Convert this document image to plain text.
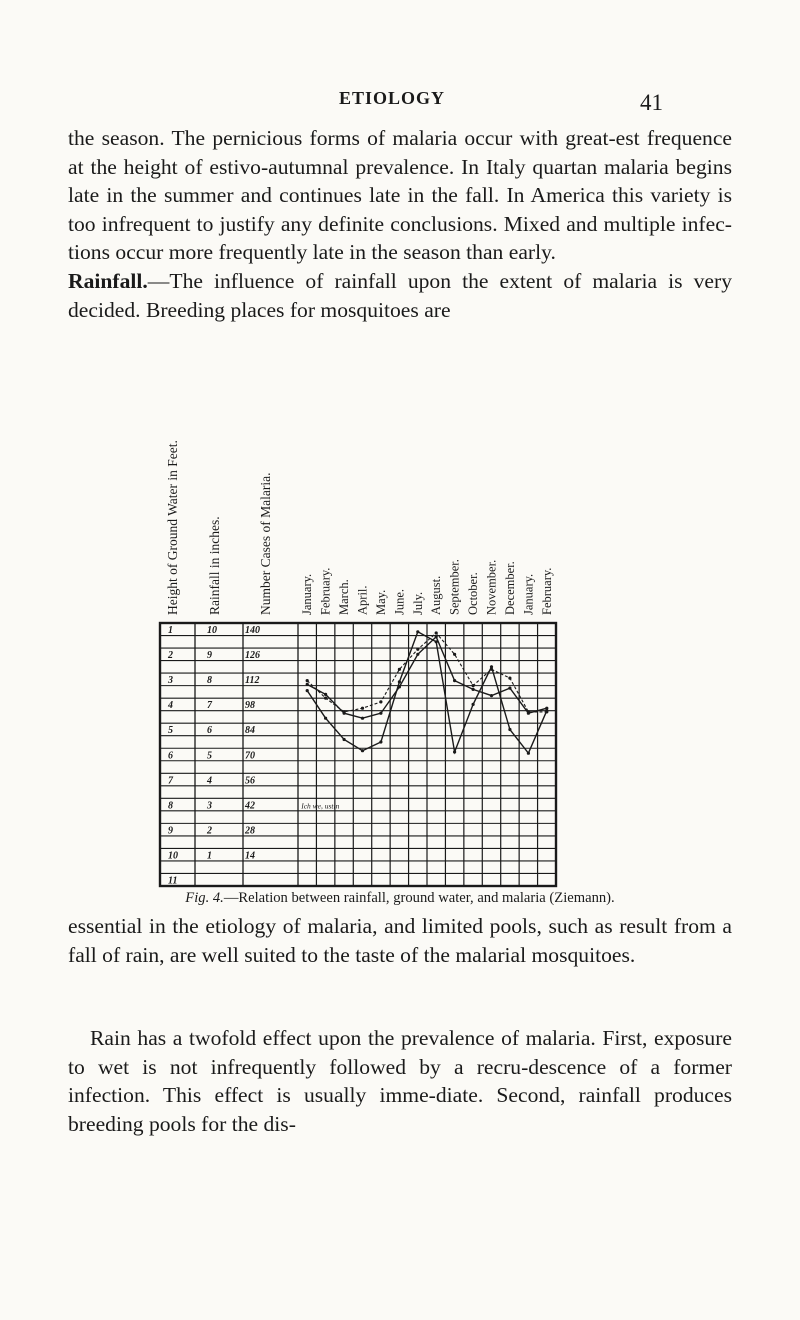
ETIOLOGY	41
the season. The pernicious forms of malaria occur with great-est frequence at the height of estivo-autumnal prevalence. In Italy quartan malaria begins late in the summer and continues late in the fall. In America this variety is too infrequent to justify any definite conclusions. Mixed and multiple infec-tions occur more frequently late in the season than early.
Rainfall.—The influence of rainfall upon the extent of malaria is very decided. Breeding places for mosquitoes are
Height of Ground Water in Feet. Rainfall in inches.	Number Cases of Malaria. January. February. March. April. May. June. July. August. September. October. November. December. January. February.
1	10	140
2	9	126
3	8	112
4	7	98
5	6	84
6	5	70
7	4	56
8	3	42
9	2	28
10	1	14
11
Ich we, ustin
Fig. 4.—Relation between rainfall, ground water, and malaria (Ziemann).
essential in the etiology of malaria, and limited pools, such as result from a fall of rain, are well suited to the taste of the malarial mosquitoes.
Rain has a twofold effect upon the prevalence of malaria. First, exposure to wet is not infrequently followed by a recru-descence of a former infection. This effect is usually imme-diate. Second, rainfall produces breeding pools for the dis-
